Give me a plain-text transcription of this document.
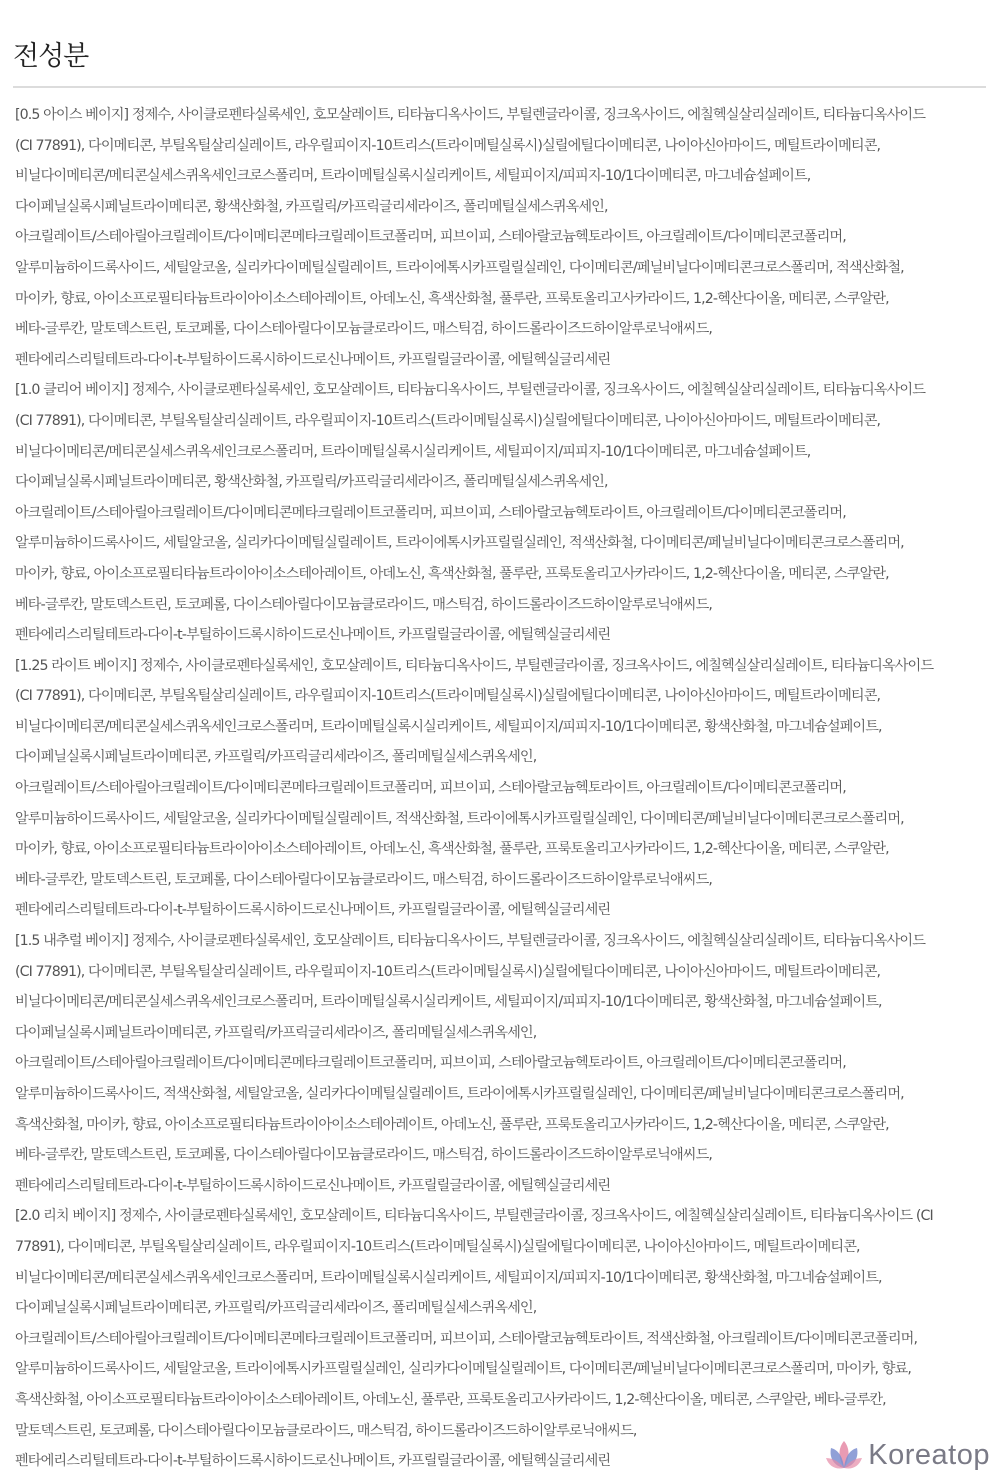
전성분
[0.5 아이스 베이지] 정제수, 사이클로펜타실록세인, 호모살레이트, 티타늄디옥사이드, 부틸렌글라이콜, 징크옥사이드, 에칠헥실살리실레이트, 티타늄디옥사이드
(CI 77891), 다이메티콘, 부틸옥틸살리실레이트, 라우릴피이지-10트리스(트라이메틸실록시)실릴에틸다이메티콘, 나이아신아마이드, 메틸트라이메티콘,
비닐다이메티콘/메티콘실세스퀴옥세인크로스폴리머, 트라이메틸실록시실리케이트, 세틸피이지/피피지-10/1다이메티콘, 마그네슘설페이트,
다이페닐실록시페닐트라이메티콘, 황색산화철, 카프릴릭/카프릭글리세라이즈, 폴리메틸실세스퀴옥세인,
아크릴레이트/스테아릴아크릴레이트/다이메티콘메타크릴레이트코폴리머, 피브이피, 스테아랄코늄헥토라이트, 아크릴레이트/다이메티콘코폴리머,
알루미늄하이드록사이드, 세틸알코올, 실리카다이메틸실릴레이트, 트라이에톡시카프릴릴실레인, 다이메티콘/페닐비닐다이메티콘크로스폴리머, 적색산화철,
마이카, 향료, 아이소프로필티타늄트라이아이소스테아레이트, 아데노신, 흑색산화철, 풀루란, 프룩토올리고사카라이드, 1,2-헥산다이올, 메티콘, 스쿠알란,
베타-글루칸, 말토덱스트린, 토코페롤, 다이스테아릴다이모늄클로라이드, 매스틱검, 하이드롤라이즈드하이알루로닉애씨드,
펜타에리스리틸테트라-다이-t-부틸하이드록시하이드로신나메이트, 카프릴릴글라이콜, 에틸헥실글리세린
[1.0 클리어 베이지] 정제수, 사이클로펜타실록세인, 호모살레이트, 티타늄디옥사이드, 부틸렌글라이콜, 징크옥사이드, 에칠헥실살리실레이트, 티타늄디옥사이드
(CI 77891), 다이메티콘, 부틸옥틸살리실레이트, 라우릴피이지-10트리스(트라이메틸실록시)실릴에틸다이메티콘, 나이아신아마이드, 메틸트라이메티콘,
비닐다이메티콘/메티콘실세스퀴옥세인크로스폴리머, 트라이메틸실록시실리케이트, 세틸피이지/피피지-10/1다이메티콘, 마그네슘설페이트,
다이페닐실록시페닐트라이메티콘, 황색산화철, 카프릴릭/카프릭글리세라이즈, 폴리메틸실세스퀴옥세인,
아크릴레이트/스테아릴아크릴레이트/다이메티콘메타크릴레이트코폴리머, 피브이피, 스테아랄코늄헥토라이트, 아크릴레이트/다이메티콘코폴리머,
알루미늄하이드록사이드, 세틸알코올, 실리카다이메틸실릴레이트, 트라이에톡시카프릴릴실레인, 적색산화철, 다이메티콘/페닐비닐다이메티콘크로스폴리머,
마이카, 향료, 아이소프로필티타늄트라이아이소스테아레이트, 아데노신, 흑색산화철, 풀루란, 프룩토올리고사카라이드, 1,2-헥산다이올, 메티콘, 스쿠알란,
베타-글루칸, 말토덱스트린, 토코페롤, 다이스테아릴다이모늄클로라이드, 매스틱검, 하이드롤라이즈드하이알루로닉애씨드,
펜타에리스리틸테트라-다이-t-부틸하이드록시하이드로신나메이트, 카프릴릴글라이콜, 에틸헥실글리세린
[1.25 라이트 베이지] 정제수, 사이클로펜타실록세인, 호모살레이트, 티타늄디옥사이드, 부틸렌글라이콜, 징크옥사이드, 에칠헥실살리실레이트, 티타늄디옥사이드
(CI 77891), 다이메티콘, 부틸옥틸살리실레이트, 라우릴피이지-10트리스(트라이메틸실록시)실릴에틸다이메티콘, 나이아신아마이드, 메틸트라이메티콘,
비닐다이메티콘/메티콘실세스퀴옥세인크로스폴리머, 트라이메틸실록시실리케이트, 세틸피이지/피피지-10/1다이메티콘, 황색산화철, 마그네슘설페이트,
다이페닐실록시페닐트라이메티콘, 카프릴릭/카프릭글리세라이즈, 폴리메틸실세스퀴옥세인,
아크릴레이트/스테아릴아크릴레이트/다이메티콘메타크릴레이트코폴리머, 피브이피, 스테아랄코늄헥토라이트, 아크릴레이트/다이메티콘코폴리머,
알루미늄하이드록사이드, 세틸알코올, 실리카다이메틸실릴레이트, 적색산화철, 트라이에톡시카프릴릴실레인, 다이메티콘/페닐비닐다이메티콘크로스폴리머,
마이카, 향료, 아이소프로필티타늄트라이아이소스테아레이트, 아데노신, 흑색산화철, 풀루란, 프룩토올리고사카라이드, 1,2-헥산다이올, 메티콘, 스쿠알란,
베타-글루칸, 말토덱스트린, 토코페롤, 다이스테아릴다이모늄클로라이드, 매스틱검, 하이드롤라이즈드하이알루로닉애씨드,
펜타에리스리틸테트라-다이-t-부틸하이드록시하이드로신나메이트, 카프릴릴글라이콜, 에틸헥실글리세린
[1.5 내추럴 베이지] 정제수, 사이클로펜타실록세인, 호모살레이트, 티타늄디옥사이드, 부틸렌글라이콜, 징크옥사이드, 에칠헥실살리실레이트, 티타늄디옥사이드
(CI 77891), 다이메티콘, 부틸옥틸살리실레이트, 라우릴피이지-10트리스(트라이메틸실록시)실릴에틸다이메티콘, 나이아신아마이드, 메틸트라이메티콘,
비닐다이메티콘/메티콘실세스퀴옥세인크로스폴리머, 트라이메틸실록시실리케이트, 세틸피이지/피피지-10/1다이메티콘, 황색산화철, 마그네슘설페이트,
다이페닐실록시페닐트라이메티콘, 카프릴릭/카프릭글리세라이즈, 폴리메틸실세스퀴옥세인,
아크릴레이트/스테아릴아크릴레이트/다이메티콘메타크릴레이트코폴리머, 피브이피, 스테아랄코늄헥토라이트, 아크릴레이트/다이메티콘코폴리머,
알루미늄하이드록사이드, 적색산화철, 세틸알코올, 실리카다이메틸실릴레이트, 트라이에톡시카프릴릴실레인, 다이메티콘/페닐비닐다이메티콘크로스폴리머,
흑색산화철, 마이카, 향료, 아이소프로필티타늄트라이아이소스테아레이트, 아데노신, 풀루란, 프룩토올리고사카라이드, 1,2-헥산다이올, 메티콘, 스쿠알란,
베타-글루칸, 말토덱스트린, 토코페롤, 다이스테아릴다이모늄클로라이드, 매스틱검, 하이드롤라이즈드하이알루로닉애씨드,
펜타에리스리틸테트라-다이-t-부틸하이드록시하이드로신나메이트, 카프릴릴글라이콜, 에틸헥실글리세린
[2.0 리치 베이지] 정제수, 사이클로펜타실록세인, 호모살레이트, 티타늄디옥사이드, 부틸렌글라이콜, 징크옥사이드, 에칠헥실살리실레이트, 티타늄디옥사이드 (CI
77891), 다이메티콘, 부틸옥틸살리실레이트, 라우릴피이지-10트리스(트라이메틸실록시)실릴에틸다이메티콘, 나이아신아마이드, 메틸트라이메티콘,
비닐다이메티콘/메티콘실세스퀴옥세인크로스폴리머, 트라이메틸실록시실리케이트, 세틸피이지/피피지-10/1다이메티콘, 황색산화철, 마그네슘설페이트,
다이페닐실록시페닐트라이메티콘, 카프릴릭/카프릭글리세라이즈, 폴리메틸실세스퀴옥세인,
아크릴레이트/스테아릴아크릴레이트/다이메티콘메타크릴레이트코폴리머, 피브이피, 스테아랄코늄헥토라이트, 적색산화철, 아크릴레이트/다이메티콘코폴리머,
알루미늄하이드록사이드, 세틸알코올, 트라이에톡시카프릴릴실레인, 실리카다이메틸실릴레이트, 다이메티콘/페닐비닐다이메티콘크로스폴리머, 마이카, 향료,
흑색산화철, 아이소프로필티타늄트라이아이소스테아레이트, 아데노신, 풀루란, 프룩토올리고사카라이드, 1,2-헥산다이올, 메티콘, 스쿠알란, 베타-글루칸,
말토덱스트린, 토코페롤, 다이스테아릴다이모늄클로라이드, 매스틱검, 하이드롤라이즈드하이알루로닉애씨드,
펜타에리스리틸테트라-다이-t-부틸하이드록시하이드로신나메이트, 카프릴릴글라이콜, 에틸헥실글리세린	Koreatop
